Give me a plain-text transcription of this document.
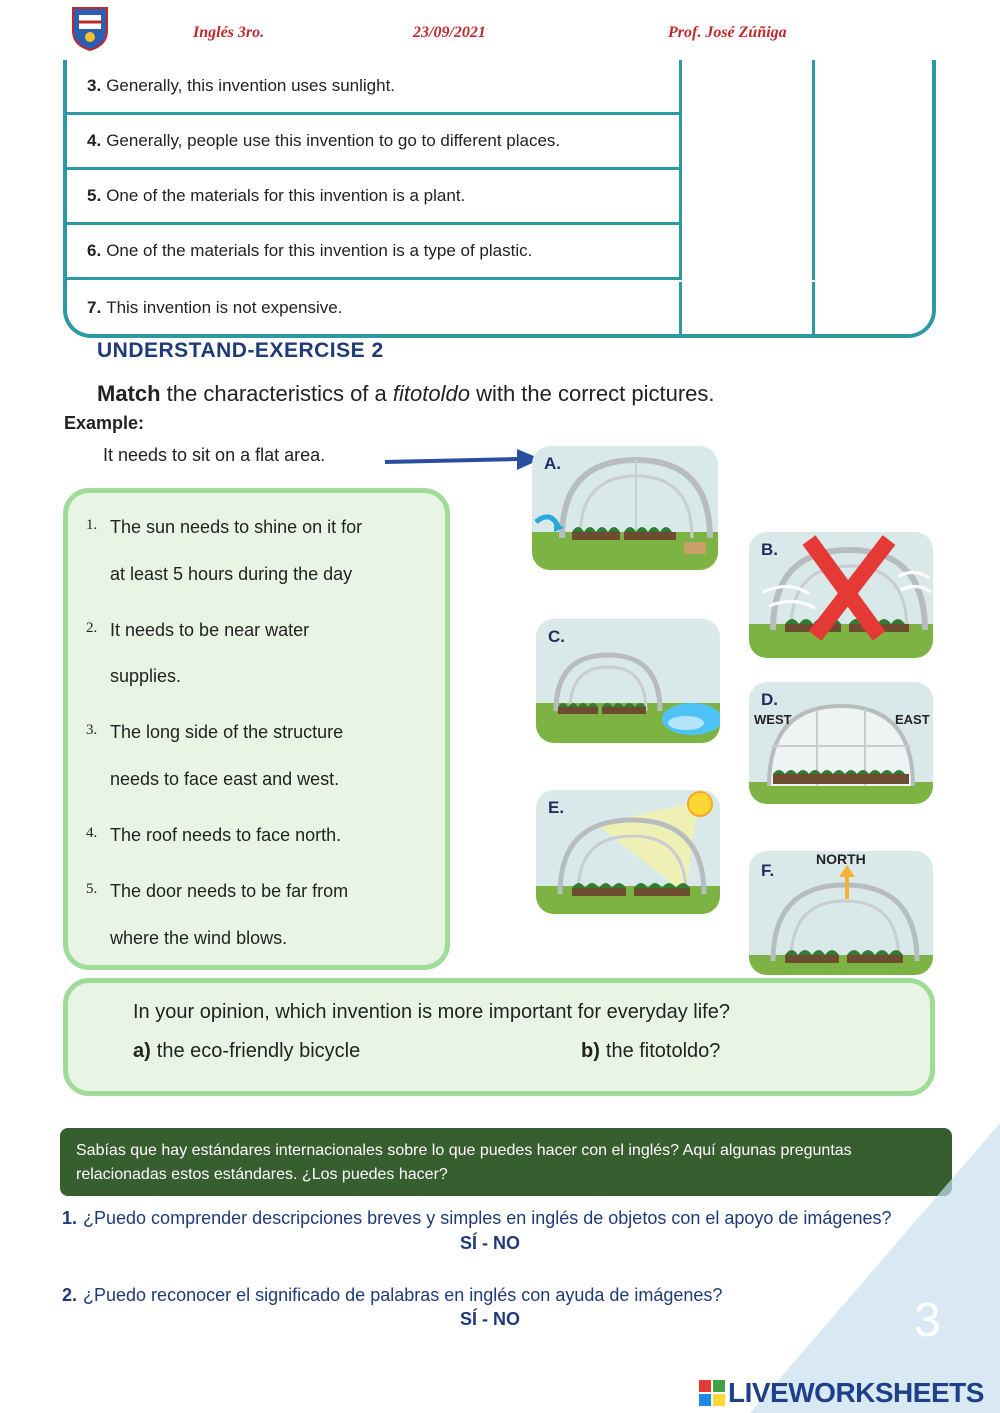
Inglés 3ro.	23/09/2021	Prof. José Zúñiga
3. Generally, this invention uses sunlight.
4. Generally, people use this invention to go to different places.
5. One of the materials for this invention is a plant.
6. One of the materials for this invention is a type of plastic.
7. This invention is not expensive.
UNDERSTAND-EXERCISE 2
Match the characteristics of a fitotoldo with the correct pictures.
Example:
It needs to sit on a flat area.
1. The sun needs to shine on it for
at least 5 hours during the day
2. It needs to be near water
supplies.
3. The long side of the structure
needs to face east and west.
4. The roof needs to face north.
5. The door needs to be far from
where the wind blows.
A.
B.
C.
D.
WEST	EAST
E.
F.
NORTH
In your opinion, which invention is more important for everyday life?
a) the eco-friendly bicycle	b) the fitotoldo?
Sabías que hay estándares internacionales sobre lo que puedes hacer con el inglés? Aquí algunas preguntas relacionadas estos estándares. ¿Los puedes hacer?
1. ¿Puedo comprender descripciones breves y simples en inglés de objetos con el apoyo de imágenes?
SÍ - NO
2. ¿Puedo reconocer el significado de palabras en inglés con ayuda de imágenes?
SÍ - NO	3
LIVEWORKSHEETS
